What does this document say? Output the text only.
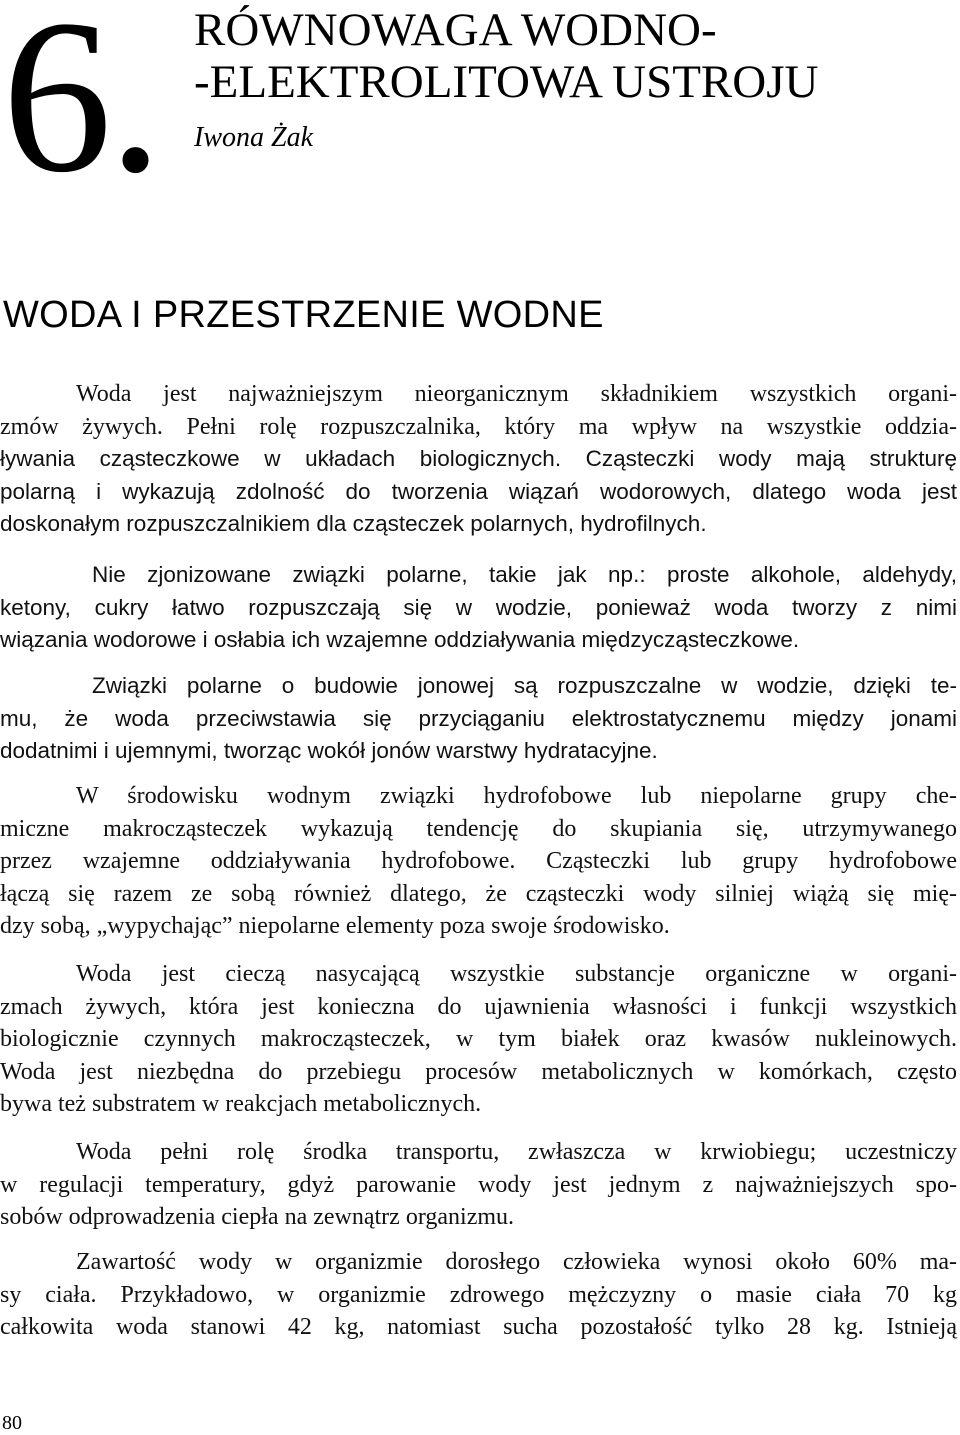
6. RÓWNOWAGA WODNO-
-ELEKTROLITOWA USTROJU
Iwona Żak
WODA I PRZESTRZENIE WODNE
Woda jest najważniejszym nieorganicznym składnikiem wszystkich organi-
zmów żywych. Pełni rolę rozpuszczalnika, który ma wpływ na wszystkie oddzia-
ływania cząsteczkowe w układach biologicznych. Cząsteczki wody mają strukturę
polarną i wykazują zdolność do tworzenia wiązań wodorowych, dlatego woda jest
doskonałym rozpuszczalnikiem dla cząsteczek polarnych, hydrofilnych.
Nie zjonizowane związki polarne, takie jak np.: proste alkohole, aldehydy,
ketony, cukry łatwo rozpuszczają się w wodzie, ponieważ woda tworzy z nimi
wiązania wodorowe i osłabia ich wzajemne oddziaływania międzycząsteczkowe.
Związki polarne o budowie jonowej są rozpuszczalne w wodzie, dzięki te-
mu, że woda przeciwstawia się przyciąganiu elektrostatycznemu między jonami
dodatnimi i ujemnymi, tworząc wokół jonów warstwy hydratacyjne.
W środowisku wodnym związki hydrofobowe lub niepolarne grupy che-
miczne makrocząsteczek wykazują tendencję do skupiania się, utrzymywanego
przez wzajemne oddziaływania hydrofobowe. Cząsteczki lub grupy hydrofobowe
łączą się razem ze sobą również dlatego, że cząsteczki wody silniej wiążą się mię-
dzy sobą, „wypychając” niepolarne elementy poza swoje środowisko.
Woda jest cieczą nasycającą wszystkie substancje organiczne w organi-
zmach żywych, która jest konieczna do ujawnienia własności i funkcji wszystkich
biologicznie czynnych makrocząsteczek, w tym białek oraz kwasów nukleinowych.
Woda jest niezbędna do przebiegu procesów metabolicznych w komórkach, często
bywa też substratem w reakcjach metabolicznych.
Woda pełni rolę środka transportu, zwłaszcza w krwiobiegu; uczestniczy
w regulacji temperatury, gdyż parowanie wody jest jednym z najważniejszych spo-
sobów odprowadzenia ciepła na zewnątrz organizmu.
Zawartość wody w organizmie dorosłego człowieka wynosi około 60% ma-
sy ciała. Przykładowo, w organizmie zdrowego mężczyzny o masie ciała 70 kg
całkowita woda stanowi 42 kg, natomiast sucha pozostałość tylko 28 kg. Istnieją
80
